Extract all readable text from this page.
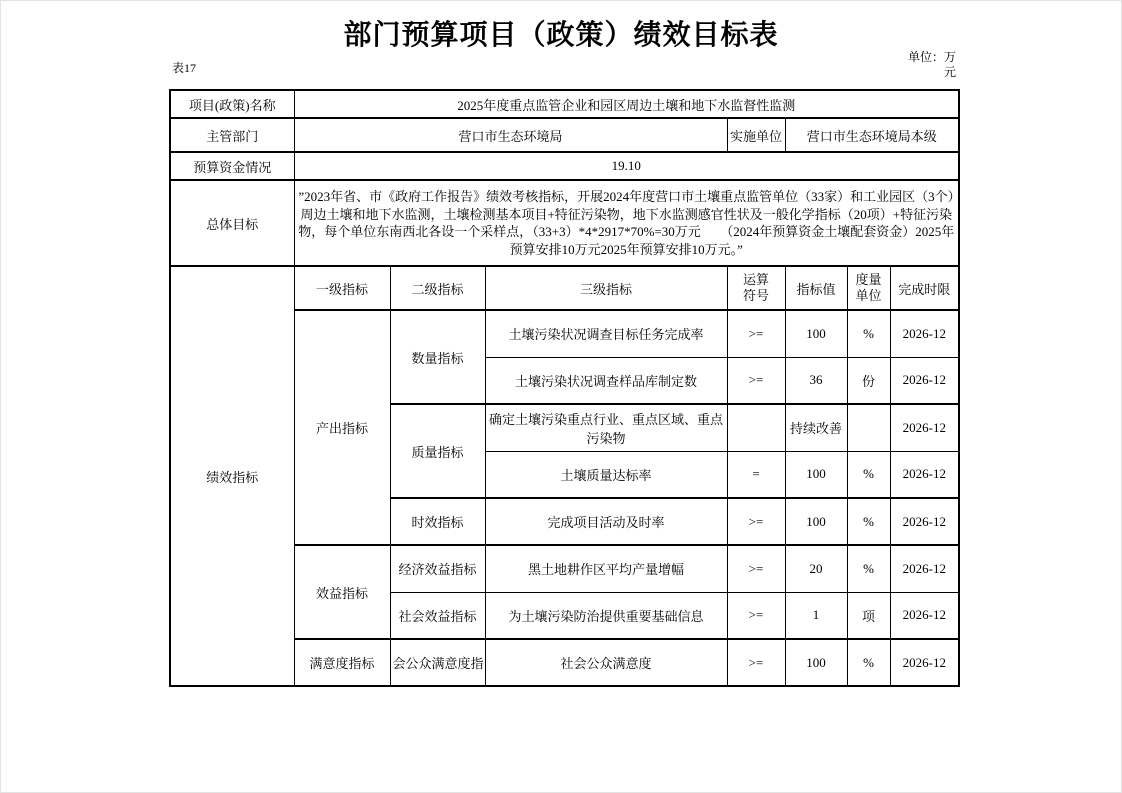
部门预算项目（政策）绩效目标表
表17
单位：万元
项目(政策)名称	2025年度重点监管企业和园区周边土壤和地下水监督性监测						
主管部门	营口市生态环境局			实施单位	营口市生态环境局本级		
预算资金情况	19.10						
总体目标	”2023年省、市《政府工作报告》绩效考核指标，开展2024年度营口市土壤重点监管单位（33家）和工业园区（3个）周边土壤和地下水监测，土壤检测基本项目+特征污染物，地下水监测感官性状及一般化学指标（20项）+特征污染物，每个单位东南西北各设一个采样点，（33+3）*4*2917*70%=30万元　　（2024年预算资金土壤配套资金）2025年预算安排10万元2025年预算安排10万元。”						
绩效指标	一级指标	二级指标	三级指标	运算符号	指标值	度量单位	完成时限
	产出指标	数量指标	土壤污染状况调查目标任务完成率	>=	100	%	2026-12
			土壤污染状况调查样品库制定数	>=	36	份	2026-12
		质量指标	确定土壤污染重点行业、重点区域、重点污染物		持续改善		2026-12
			土壤质量达标率	=	100	%	2026-12
		时效指标	完成项目活动及时率	>=	100	%	2026-12
	效益指标	经济效益指标	黑土地耕作区平均产量增幅	>=	20	%	2026-12
		社会效益指标	为土壤污染防治提供重要基础信息	>=	1	项	2026-12
	满意度指标	会公众满意度指	社会公众满意度	>=	100	%	2026-12
